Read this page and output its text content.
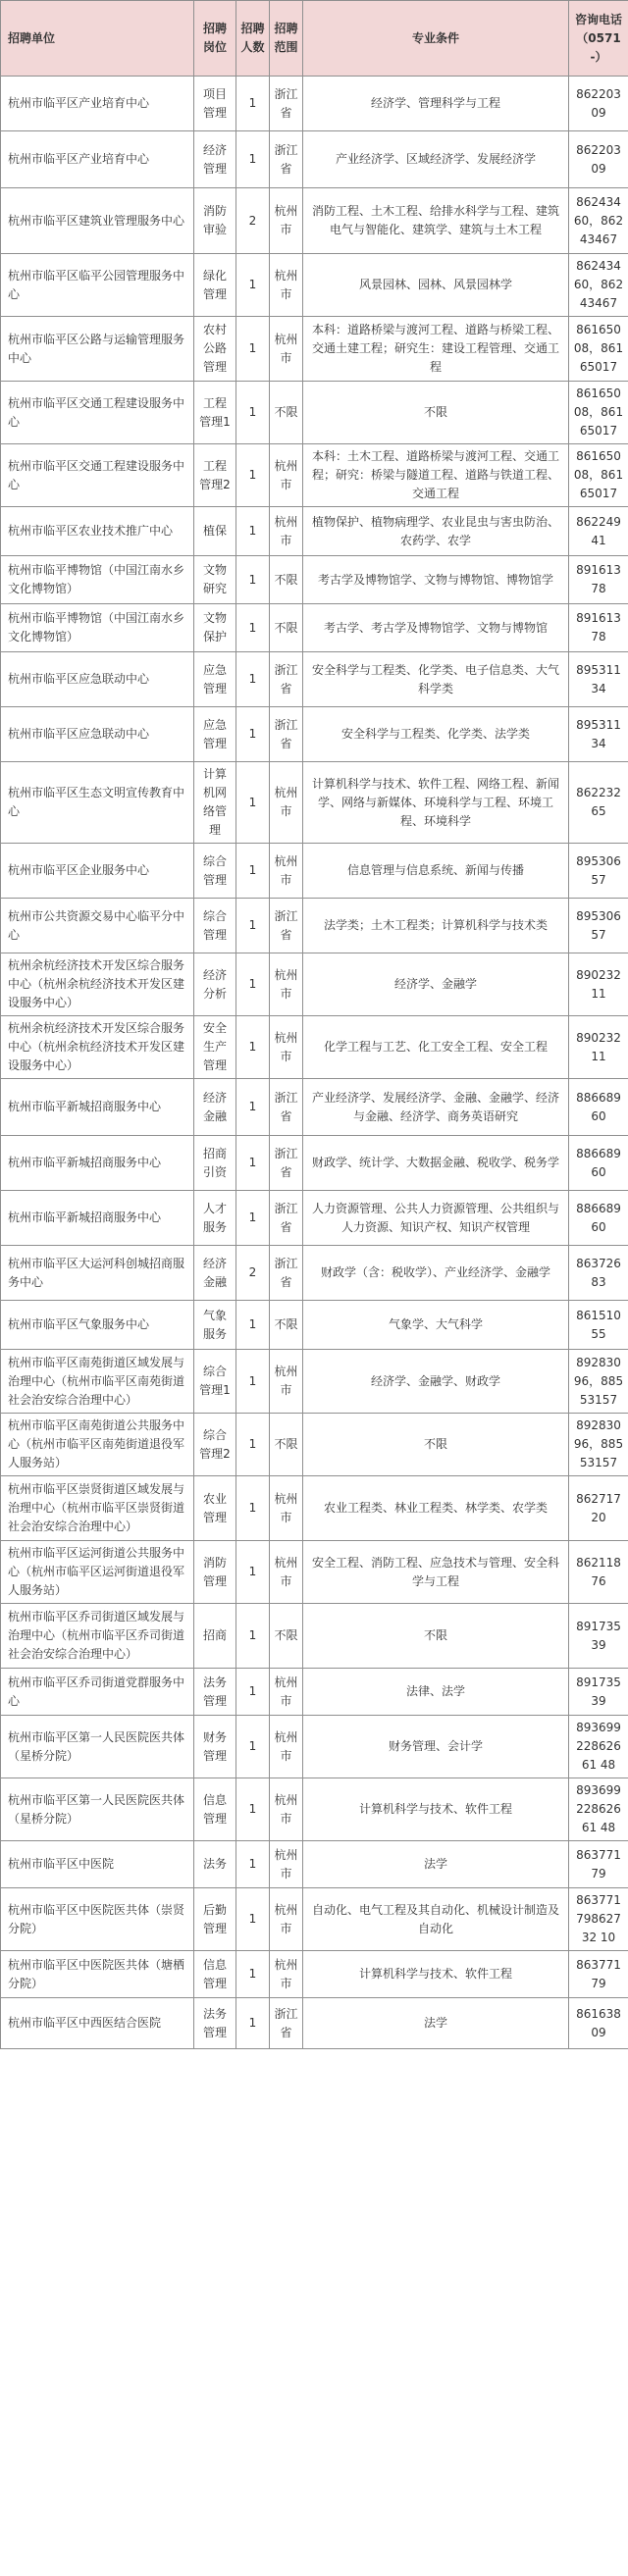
招聘单位	招聘岗位	招聘人数	招聘范围	专业条件	咨询电话（0571-）
杭州市临平区产业培育中心	项目管理	1	浙江省	经济学、管理科学与工程	86220309
杭州市临平区产业培育中心	经济管理	1	浙江省	产业经济学、区域经济学、发展经济学	86220309
杭州市临平区建筑业管理服务中心	消防审验	2	杭州市	消防工程、土木工程、给排水科学与工程、建筑电气与智能化、建筑学、建筑与土木工程	86243460，86243467
杭州市临平区临平公园管理服务中心	绿化管理	1	杭州市	风景园林、园林、风景园林学	86243460，86243467
杭州市临平区公路与运输管理服务中心	农村公路管理	1	杭州市	本科：道路桥梁与渡河工程、道路与桥梁工程、交通土建工程；研究生：建设工程管理、交通工程	86165008，86165017
杭州市临平区交通工程建设服务中心	工程管理1	1	不限	不限	86165008，86165017
杭州市临平区交通工程建设服务中心	工程管理2	1	杭州市	本科：土木工程、道路桥梁与渡河工程、交通工程；研究：桥梁与隧道工程、道路与铁道工程、交通工程	86165008，86165017
杭州市临平区农业技术推广中心	植保	1	杭州市	植物保护、植物病理学、农业昆虫与害虫防治、农药学、农学	86224941
杭州市临平博物馆（中国江南水乡文化博物馆）	文物研究	1	不限	考古学及博物馆学、文物与博物馆、博物馆学	89161378
杭州市临平博物馆（中国江南水乡文化博物馆）	文物保护	1	不限	考古学、考古学及博物馆学、文物与博物馆	89161378
杭州市临平区应急联动中心	应急管理	1	浙江省	安全科学与工程类、化学类、电子信息类、大气科学类	89531134
杭州市临平区应急联动中心	应急管理	1	浙江省	安全科学与工程类、化学类、法学类	89531134
杭州市临平区生态文明宣传教育中心	计算机网络管理	1	杭州市	计算机科学与技术、软件工程、网络工程、新闻学、网络与新媒体、环境科学与工程、环境工程、环境科学	86223265
杭州市临平区企业服务中心	综合管理	1	杭州市	信息管理与信息系统、新闻与传播	89530657
杭州市公共资源交易中心临平分中心	综合管理	1	浙江省	法学类；土木工程类；计算机科学与技术类	89530657
杭州余杭经济技术开发区综合服务中心（杭州余杭经济技术开发区建设服务中心）	经济分析	1	杭州市	经济学、金融学	89023211
杭州余杭经济技术开发区综合服务中心（杭州余杭经济技术开发区建设服务中心）	安全生产管理	1	杭州市	化学工程与工艺、化工安全工程、安全工程	89023211
杭州市临平新城招商服务中心	经济金融	1	浙江省	产业经济学、发展经济学、金融、金融学、经济与金融、经济学、商务英语研究	88668960
杭州市临平新城招商服务中心	招商引资	1	浙江省	财政学、统计学、大数据金融、税收学、税务学	88668960
杭州市临平新城招商服务中心	人才服务	1	浙江省	人力资源管理、公共人力资源管理、公共组织与人力资源、知识产权、知识产权管理	88668960
杭州市临平区大运河科创城招商服务中心	经济金融	2	浙江省	财政学（含：税收学）、产业经济学、金融学	86372683
杭州市临平区气象服务中心	气象服务	1	不限	气象学、大气科学	86151055
杭州市临平区南苑街道区域发展与治理中心（杭州市临平区南苑街道社会治安综合治理中心）	综合管理1	1	杭州市	经济学、金融学、财政学	89283096，88553157
杭州市临平区南苑街道公共服务中心（杭州市临平区南苑街道退役军人服务站）	综合管理2	1	不限	不限	89283096，88553157
杭州市临平区崇贤街道区域发展与治理中心（杭州市临平区崇贤街道社会治安综合治理中心）	农业管理	1	杭州市	农业工程类、林业工程类、林学类、农学类	86271720
杭州市临平区运河街道公共服务中心（杭州市临平区运河街道退役军人服务站）	消防管理	1	杭州市	安全工程、消防工程、应急技术与管理、安全科学与工程	86211876
杭州市临平区乔司街道区域发展与治理中心（杭州市临平区乔司街道社会治安综合治理中心）	招商	1	不限	不限	89173539
杭州市临平区乔司街道党群服务中心	法务管理	1	杭州市	法律、法学	89173539
杭州市临平区第一人民医院医共体（星桥分院）	财务管理	1	杭州市	财务管理、会计学	89369922862661 48
杭州市临平区第一人民医院医共体（星桥分院）	信息管理	1	杭州市	计算机科学与技术、软件工程	89369922862661 48
杭州市临平区中医院	法务	1	杭州市	法学	86377179
杭州市临平区中医院医共体（崇贤分院）	后勤管理	1	杭州市	自动化、电气工程及其自动化、机械设计制造及自动化	86377179862732 10
杭州市临平区中医院医共体（塘栖分院）	信息管理	1	杭州市	计算机科学与技术、软件工程	86377179
杭州市临平区中西医结合医院	法务管理	1	浙江省	法学	86163809
